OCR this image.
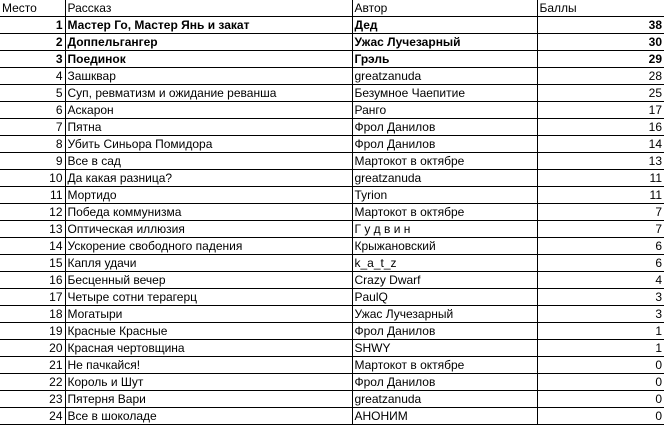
Место	Рассказ	Автор	Баллы
1	Мастер Го, Мастер Янь и закат	Дед	38
2	Доппельгангер	Ужас Лучезарный	30
3	Поединок	Грэль	29
4	Зашквар	greatzanuda	28
5	Суп, ревматизм и ожидание реванша	Безумное Чаепитие	25
6	Аскарон	Ранго	17
7	Пятна	Фрол Данилов	16
8	Убить Синьора Помидора	Фрол Данилов	14
9	Все в сад	Мартокот в октябре	13
10	Да какая разница?	greatzanuda	11
11	Мортидо	Tyrion	11
12	Победа коммунизма	Мартокот в октябре	7
13	Оптическая иллюзия	Г у д в и н	7
14	Ускорение свободного падения	Крыжановский	6
15	Капля удачи	k_a_t_z	6
16	Бесценный вечер	Crazy Dwarf	4
17	Четыре сотни терагерц	PaulQ	3
18	Могатыри	Ужас Лучезарный	3
19	Красные Красные	Фрол Данилов	1
20	Красная чертовщина	SHWY	1
21	Не пачкайся!	Мартокот в октябре	0
22	Король и Шут	Фрол Данилов	0
23	Пятерня Вари	greatzanuda	0
24	Все в шоколаде	АНОНИМ	0
